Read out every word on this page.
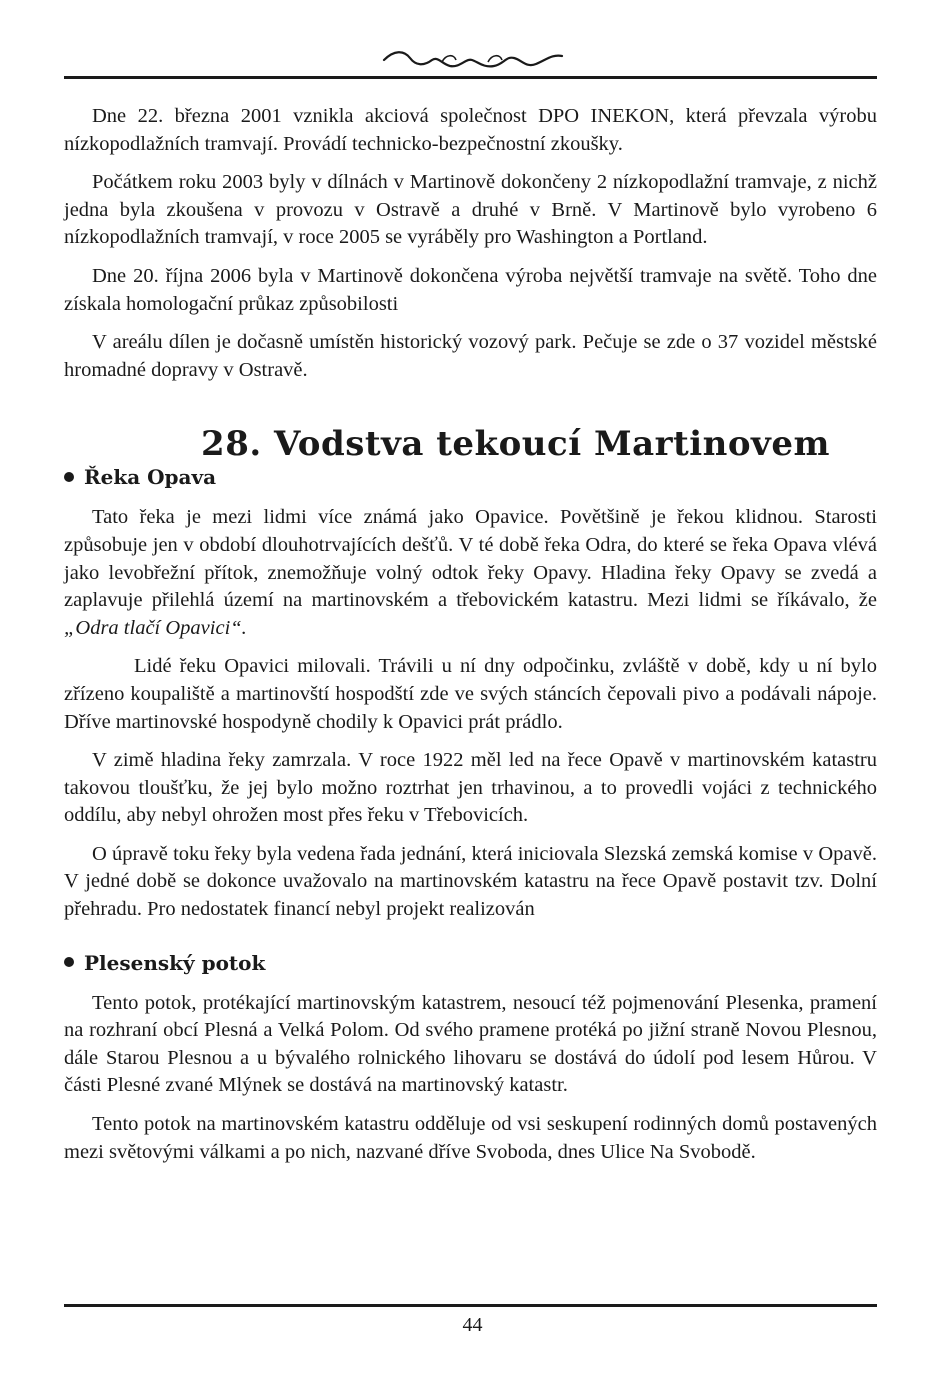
Dne 22. března 2001 vznikla akciová společnost DPO INEKON, která převzala výrobu nízkopodlažních tramvají. Provádí technicko-bezpečnostní zkoušky.

Počátkem roku 2003 byly v dílnách v Martinově dokončeny 2 nízkopodlažní tramvaje, z nichž jedna byla zkoušena v provozu v Ostravě a druhé v Brně. V Martinově bylo vyrobeno 6 nízkopodlažních tramvají, v roce 2005 se vyráběly pro Washington a Portland.

Dne 20. října 2006 byla v Martinově dokončena výroba největší tramvaje na světě. Toho dne získala homologační průkaz způsobilosti

V areálu dílen je dočasně umístěn historický vozový park. Pečuje se zde o 37 vozidel městské hromadné dopravy v Ostravě.

28. Vodstva tekoucí Martinovem
Řeka Opava

Tato řeka je mezi lidmi více známá jako Opavice. Povětšině je řekou klidnou. Starosti způsobuje jen v období dlouhotrvajících dešťů. V té době řeka Odra, do které se řeka Opava vlévá jako levobřežní přítok, znemožňuje volný odtok řeky Opavy. Hladina řeky Opavy se zvedá a zaplavuje přilehlá území na martinovském a třebovickém katastru. Mezi lidmi se říkávalo, že „Odra tlačí Opavici“.

Lidé řeku Opavici milovali. Trávili u ní dny odpočinku, zvláště v době, kdy u ní bylo zřízeno koupaliště a martinovští hospodští zde ve svých stáncích čepovali pivo a podávali nápoje. Dříve martinovské hospodyně chodily k Opavici prát prádlo.

V zimě hladina řeky zamrzala. V roce 1922 měl led na řece Opavě v martinovském katastru takovou tloušťku, že jej bylo možno roztrhat jen trhavinou, a to provedli vojáci z technického oddílu, aby nebyl ohrožen most přes řeku v Třebovicích.

O úpravě toku řeky byla vedena řada jednání, která iniciovala Slezská zemská komise v Opavě. V jedné době se dokonce uvažovalo na martinovském katastru na řece Opavě postavit tzv. Dolní přehradu. Pro nedostatek financí nebyl projekt realizován

Plesenský potok

Tento potok, protékající martinovským katastrem, nesoucí též pojmenování Plesenka, pramení na rozhraní obcí Plesná a Velká Polom. Od svého pramene protéká po jižní straně Novou Plesnou, dále Starou Plesnou a u bývalého rolnického lihovaru se dostává do údolí pod lesem Hůrou. V části Plesné zvané Mlýnek se dostává na martinovský katastr.

Tento potok na martinovském katastru odděluje od vsi seskupení rodinných domů postavených mezi světovými válkami a po nich, nazvané dříve Svoboda, dnes Ulice Na Svobodě.

44
